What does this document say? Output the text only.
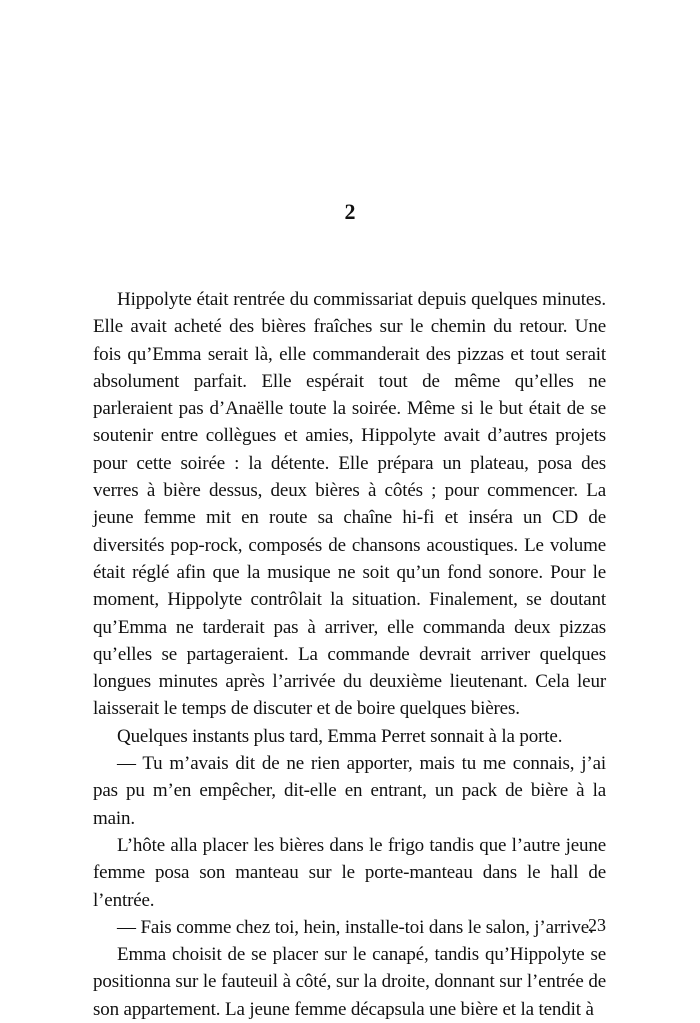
2

Hippolyte était rentrée du commissariat depuis quelques minutes. Elle avait acheté des bières fraîches sur le chemin du retour. Une fois qu’Emma serait là, elle commanderait des pizzas et tout serait absolument parfait. Elle espérait tout de même qu’elles ne parleraient pas d’Anaëlle toute la soirée. Même si le but était de se soutenir entre collègues et amies, Hippolyte avait d’autres projets pour cette soirée : la détente. Elle prépara un plateau, posa des verres à bière dessus, deux bières à côtés ; pour commencer. La jeune femme mit en route sa chaîne hi-fi et inséra un CD de diversités pop-rock, composés de chansons acoustiques. Le volume était réglé afin que la musique ne soit qu’un fond sonore. Pour le moment, Hippolyte contrôlait la situation. Finalement, se doutant qu’Emma ne tarderait pas à arriver, elle commanda deux pizzas qu’elles se partageraient. La commande devrait arriver quelques longues minutes après l’arrivée du deuxième lieutenant. Cela leur laisserait le temps de discuter et de boire quelques bières.

Quelques instants plus tard, Emma Perret sonnait à la porte.

— Tu m’avais dit de ne rien apporter, mais tu me connais, j’ai pas pu m’en empêcher, dit-elle en entrant, un pack de bière à la main.

L’hôte alla placer les bières dans le frigo tandis que l’autre jeune femme posa son manteau sur le porte-manteau dans le hall de l’entrée.

— Fais comme chez toi, hein, installe-toi dans le salon, j’arrive.

Emma choisit de se placer sur le canapé, tandis qu’Hippolyte se positionna sur le fauteuil à côté, sur la droite, donnant sur l’entrée de son appartement. La jeune femme décapsula une bière et la tendit à

23
